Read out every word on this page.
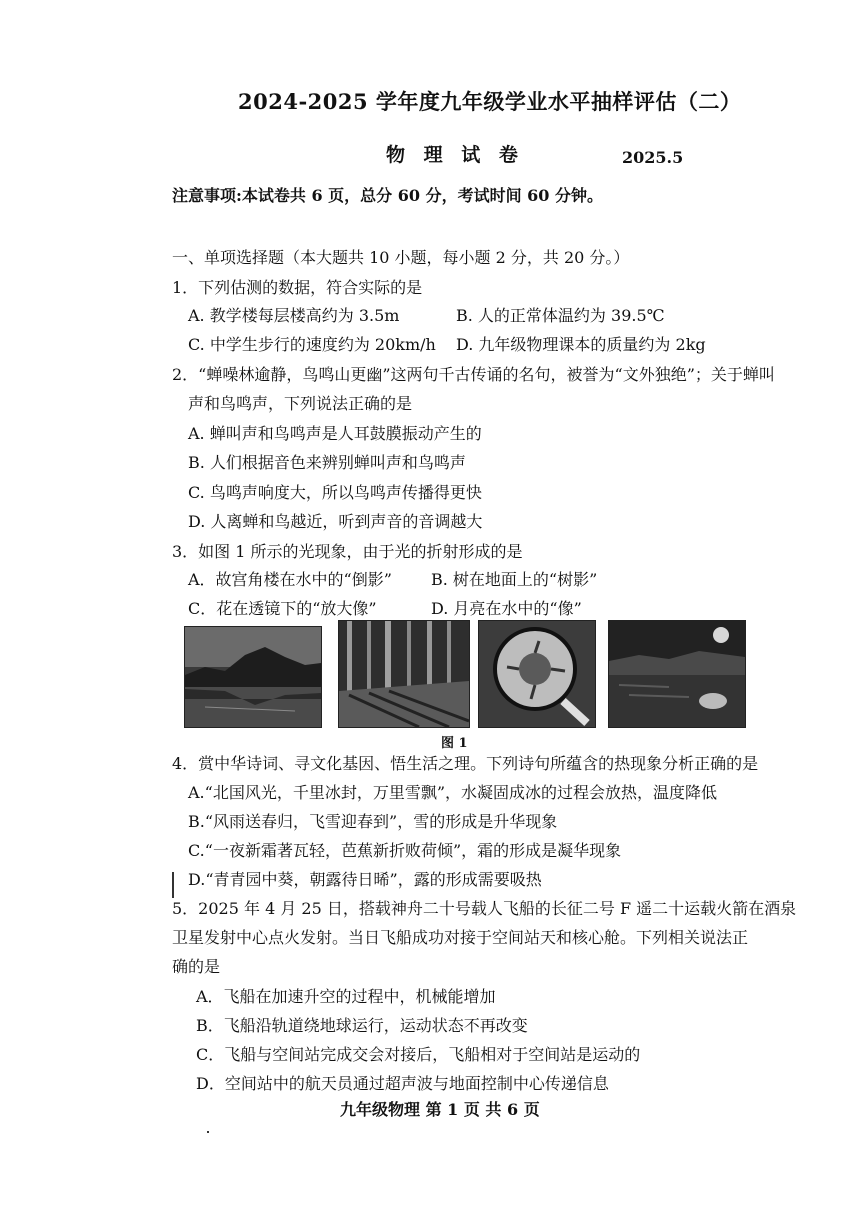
2024-2025 学年度九年级学业水平抽样评估（二）
物 理 试 卷	2025.5
注意事项:本试卷共 6 页，总分 60 分，考试时间 60 分钟。
一、单项选择题（本大题共 10 小题，每小题 2 分，共 20 分。）
1．下列估测的数据，符合实际的是
A. 教学楼每层楼高约为 3.5m	B. 人的正常体温约为 39.5℃
C. 中学生步行的速度约为 20km/h D. 九年级物理课本的质量约为 2kg
2．“蝉噪林逾静，鸟鸣山更幽”这两句千古传诵的名句，被誉为“文外独绝”；关于蝉叫
声和鸟鸣声，下列说法正确的是
A. 蝉叫声和鸟鸣声是人耳鼓膜振动产生的
B. 人们根据音色来辨别蝉叫声和鸟鸣声
C. 鸟鸣声响度大，所以鸟鸣声传播得更快
D. 人离蝉和鸟越近，听到声音的音调越大
3．如图 1 所示的光现象，由于光的折射形成的是
A．故宫角楼在水中的“倒影” B. 树在地面上的“树影”
C．花在透镜下的“放大像”	D. 月亮在水中的“像”
图 1
4．赏中华诗词、寻文化基因、悟生活之理。下列诗句所蕴含的热现象分析正确的是
A.“北国风光，千里冰封，万里雪飘”，水凝固成冰的过程会放热，温度降低
B.“风雨送春归，飞雪迎春到”，雪的形成是升华现象
C.“一夜新霜著瓦轻，芭蕉新折败荷倾”，霜的形成是凝华现象
D.“青青园中葵，朝露待日晞”，露的形成需要吸热
5．2025 年 4 月 25 日，搭载神舟二十号载人飞船的长征二号 F 遥二十运载火箭在酒泉
卫星发射中心点火发射。当日飞船成功对接于空间站天和核心舱。下列相关说法正
确的是
A．飞船在加速升空的过程中，机械能增加
B．飞船沿轨道绕地球运行，运动状态不再改变
C．飞船与空间站完成交会对接后，飞船相对于空间站是运动的
D．空间站中的航天员通过超声波与地面控制中心传递信息
九年级物理 第 1 页 共 6 页
